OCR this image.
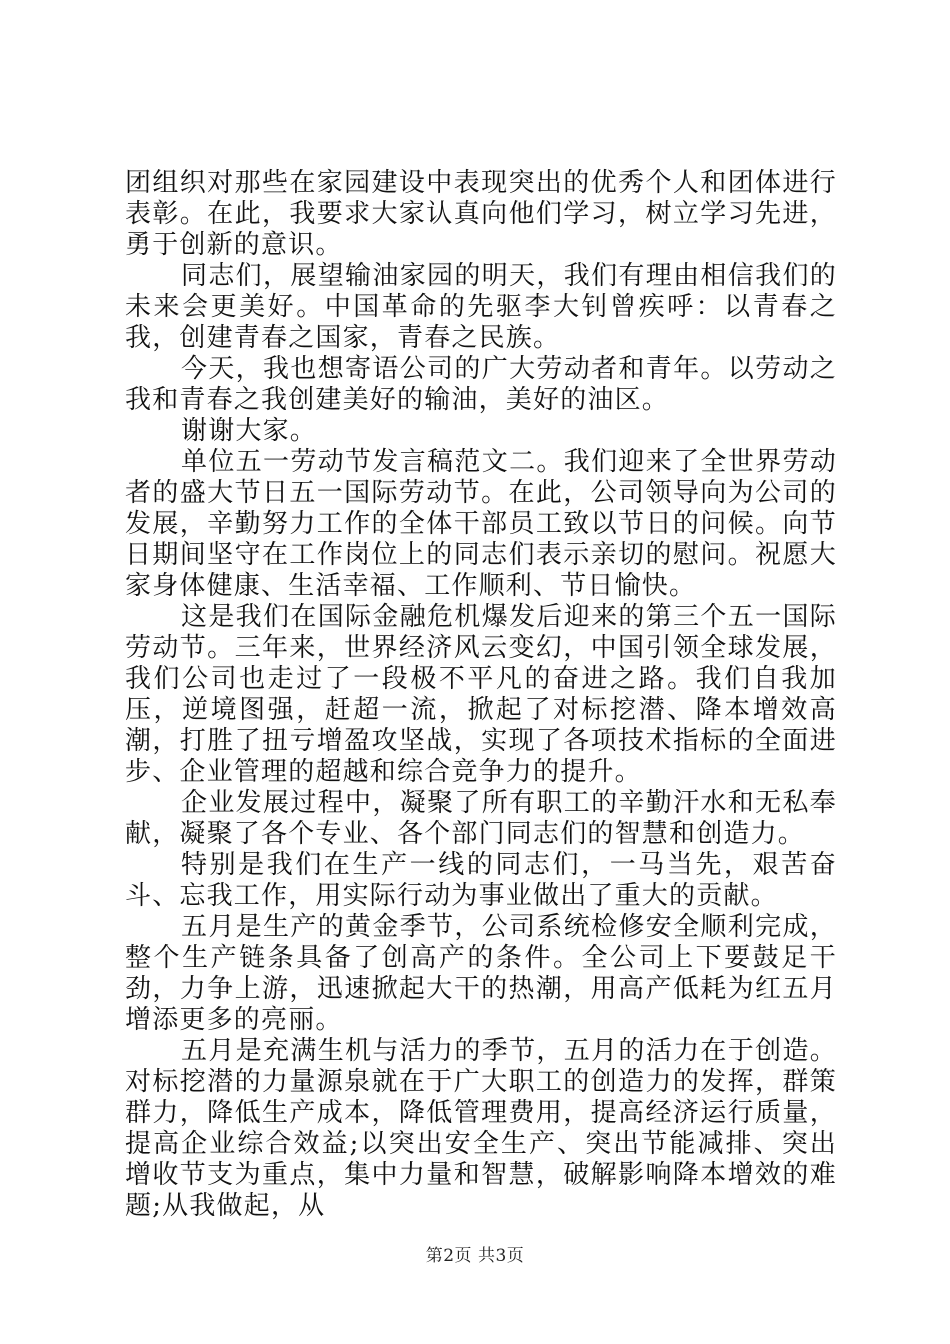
团组织对那些在家园建设中表现突出的优秀个人和团体进行表彰。在此，我要求大家认真向他们学习，树立学习先进，勇于创新的意识。

同志们，展望输油家园的明天，我们有理由相信我们的未来会更美好。中国革命的先驱李大钊曾疾呼：以青春之我，创建青春之国家，青春之民族。

今天，我也想寄语公司的广大劳动者和青年。以劳动之我和青春之我创建美好的输油，美好的油区。

谢谢大家。

单位五一劳动节发言稿范文二。我们迎来了全世界劳动者的盛大节日五一国际劳动节。在此，公司领导向为公司的发展，辛勤努力工作的全体干部员工致以节日的问候。向节日期间坚守在工作岗位上的同志们表示亲切的慰问。祝愿大家身体健康、生活幸福、工作顺利、节日愉快。

这是我们在国际金融危机爆发后迎来的第三个五一国际劳动节。三年来，世界经济风云变幻，中国引领全球发展，我们公司也走过了一段极不平凡的奋进之路。我们自我加压，逆境图强，赶超一流，掀起了对标挖潜、降本增效高潮，打胜了扭亏增盈攻坚战，实现了各项技术指标的全面进步、企业管理的超越和综合竞争力的提升。

企业发展过程中，凝聚了所有职工的辛勤汗水和无私奉献，凝聚了各个专业、各个部门同志们的智慧和创造力。

特别是我们在生产一线的同志们，一马当先，艰苦奋斗、忘我工作，用实际行动为事业做出了重大的贡献。

五月是生产的黄金季节，公司系统检修安全顺利完成，整个生产链条具备了创高产的条件。全公司上下要鼓足干劲，力争上游，迅速掀起大干的热潮，用高产低耗为红五月增添更多的亮丽。

五月是充满生机与活力的季节，五月的活力在于创造。对标挖潜的力量源泉就在于广大职工的创造力的发挥，群策群力，降低生产成本，降低管理费用，提高经济运行质量，提高企业综合效益;以突出安全生产、突出节能减排、突出增收节支为重点，集中力量和智慧，破解影响降本增效的难题;从我做起，从

第2页 共3页
